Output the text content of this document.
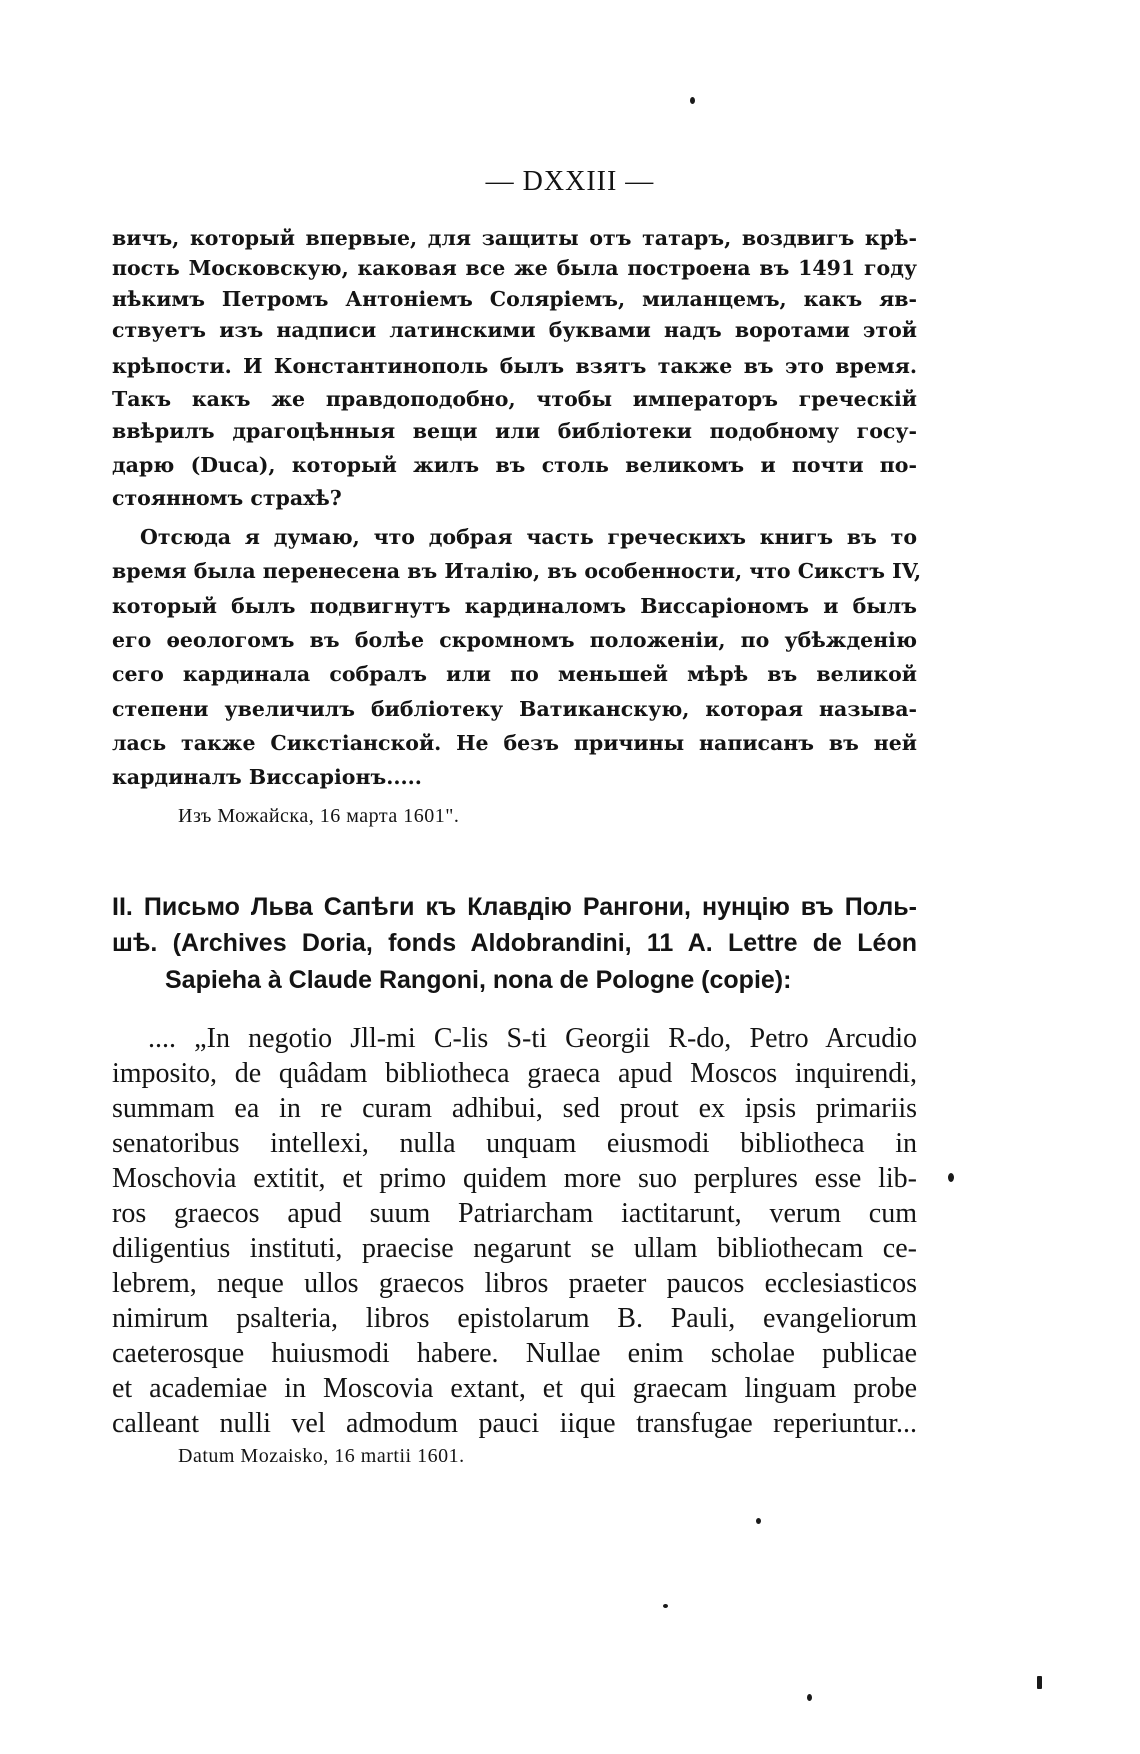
— DXXIII —
вичъ, который впервые, для защиты отъ татаръ, воздвигъ крѣ-
пость Московскую, каковая все же была построена въ 1491 году
нѣкимъ Петромъ Антоніемъ Соляріемъ, миланцемъ, какъ яв-
ствуетъ изъ надписи латинскими буквами надъ воротами этой
крѣпости. И Константинополь былъ взятъ также въ это время.
Такъ какъ же правдоподобно, чтобы императоръ греческій
ввѣрилъ драгоцѣнныя вещи или библіотеки подобному госу-
дарю (Duca), который жилъ въ столь великомъ и почти по-
стоянномъ страхѣ?
Отсюда я думаю, что добрая часть греческихъ книгъ въ то
время была перенесена въ Италію, въ особенности, что Сикстъ IV,
который былъ подвигнутъ кардиналомъ Виссаріономъ и былъ
его ѳеологомъ въ болѣе скромномъ положеніи, по убѣжденію
сего кардинала собралъ или по меньшей мѣрѣ въ великой
степени увеличилъ библіотеку Ватиканскую, которая называ-
лась также Сикстіанской. Не безъ причины написанъ въ ней
кардиналъ Виссаріонъ.....
Изъ Можайска, 16 марта 1601".
II. Письмо Льва Сапѣги къ Клавдію Рангони, нунцію въ Поль-
шѣ. (Archives Doria, fonds Aldobrandini, 11 A. Lettre de Léon
Sapieha à Claude Rangoni, nona de Pologne (copie):
.... „In negotio Jll-mi C-lis S-ti Georgii R-do, Petro Arcudio
imposito, de quâdam bibliotheca graeca apud Moscos inquirendi,
summam ea in re curam adhibui, sed prout ex ipsis primariis
senatoribus intellexi, nulla unquam eiusmodi bibliotheca in
Moschovia extitit, et primo quidem more suo perplures esse lib-
ros graecos apud suum Patriarcham iactitarunt, verum cum
diligentius instituti, praecise negarunt se ullam bibliothecam ce-
lebrem, neque ullos graecos libros praeter paucos ecclesiasticos
nimirum psalteria, libros epistolarum B. Pauli, evangeliorum
caeterosque huiusmodi habere. Nullae enim scholae publicae
et academiae in Moscovia extant, et qui graecam linguam probe
calleant nulli vel admodum pauci iique transfugae reperiuntur...
Datum Mozaisko, 16 martii 1601.
